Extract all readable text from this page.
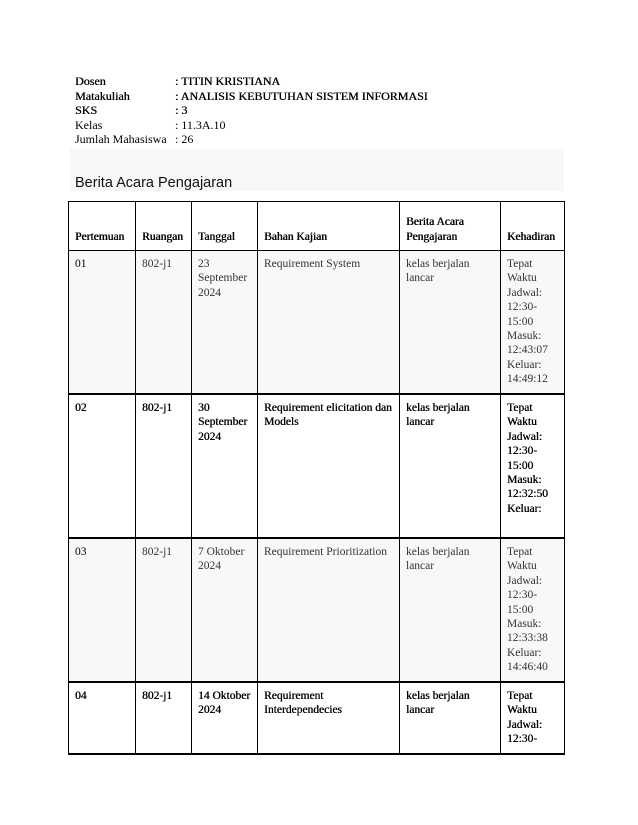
Dosen	: TITIN KRISTIANA
Matakuliah	: ANALISIS KEBUTUHAN SISTEM INFORMASI
SKS	: 3
Kelas	: 11.3A.10
Jumlah Mahasiswa : 26
Berita Acara Pengajaran
Pertemuan	Ruangan	Tanggal	Bahan Kajian	Berita Acara Pengajaran	Kehadiran
01	802-j1	23 September 2024	Requirement System	kelas berjalan lancar	Tepat Waktu Jadwal: 12:30-15:00 Masuk: 12:43:07 Keluar: 14:49:12
02	802-j1	30 September 2024	Requirement elicitation dan Models	kelas berjalan lancar	Tepat Waktu Jadwal: 12:30-15:00 Masuk: 12:32:50 Keluar:
03	802-j1	7 Oktober 2024	Requirement Prioritization	kelas berjalan lancar	Tepat Waktu Jadwal: 12:30-15:00 Masuk: 12:33:38 Keluar: 14:46:40
04	802-j1	14 Oktober 2024	Requirement Interdependecies	kelas berjalan lancar	Tepat Waktu Jadwal: 12:30-
